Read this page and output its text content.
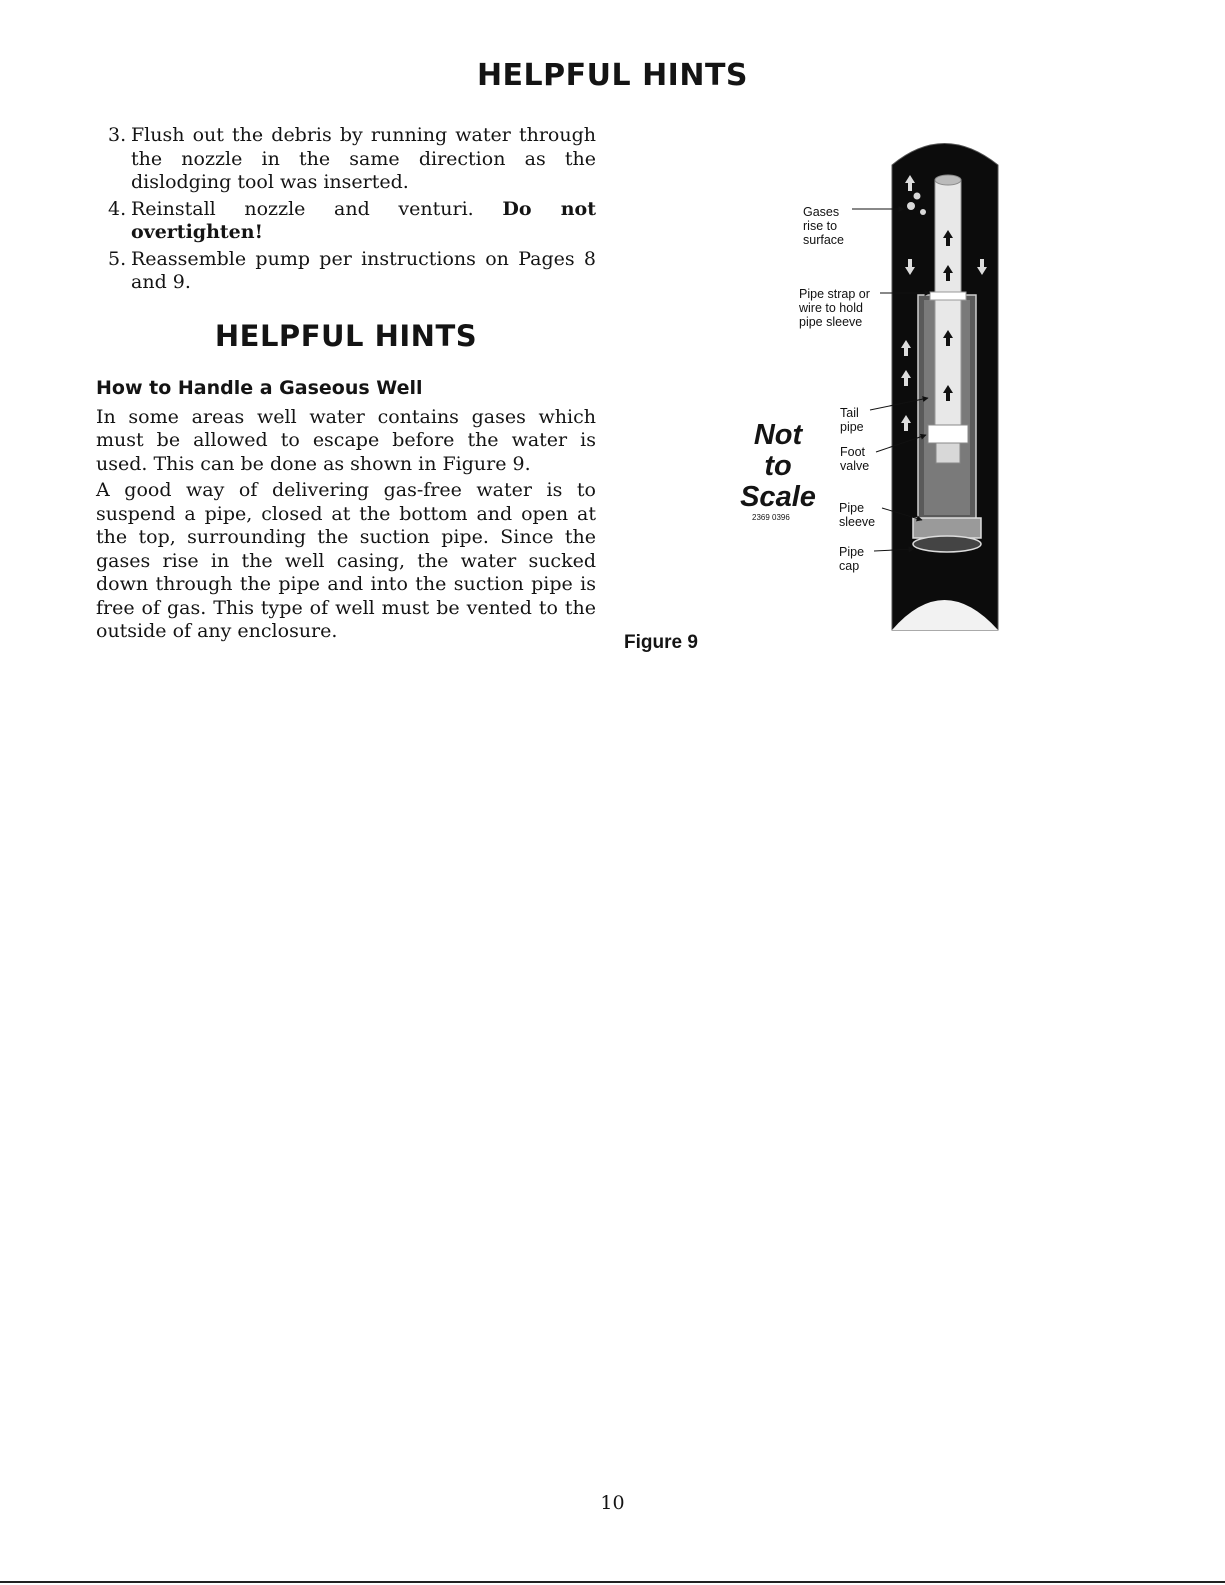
HELPFUL HINTS
3. Flush out the debris by running water through the nozzle in the same direction as the dislodging tool was inserted.
4. Reinstall nozzle and venturi. Do not overtighten!
5. Reassemble pump per instructions on Pages 8 and 9.
HELPFUL HINTS
How to Handle a Gaseous Well

In some areas well water contains gases which must be allowed to escape before the water is used. This can be done as shown in Figure 9.

A good way of delivering gas-free water is to suspend a pipe, closed at the bottom and open at the top, surrounding the suction pipe. Since the gases rise in the well casing, the water sucked down through the pipe and into the suction pipe is free of gas. This type of well must be vented to the outside of any enclosure.

Gases
rise to
surface
Pipe strap or
wire to hold
pipe sleeve
Tail
pipe
Foot
valve
Pipe
sleeve
Pipe
cap
Not
to
Scale
2369 0396
Figure 9
10
